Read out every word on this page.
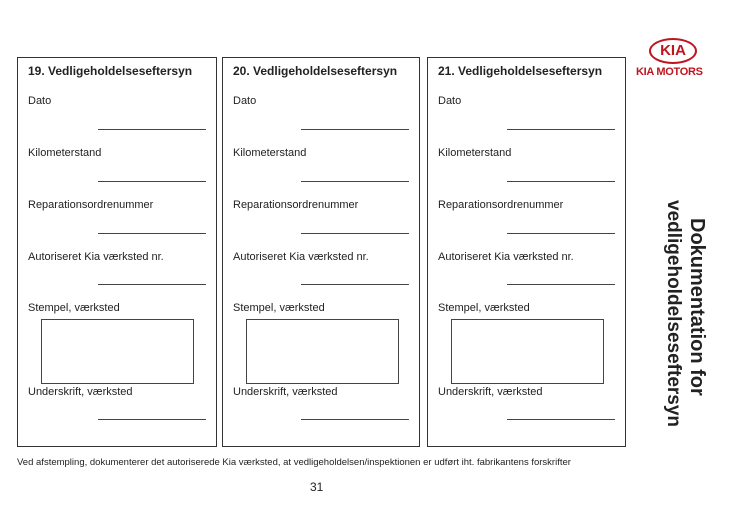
19. Vedligeholdelseseftersyn
Dato
Kilometerstand
Reparationsordrenummer
Autoriseret Kia værksted nr.
Stempel, værksted
Underskrift, værksted
20. Vedligeholdelseseftersyn
Dato
Kilometerstand
Reparationsordrenummer
Autoriseret Kia værksted nr.
Stempel, værksted
Underskrift, værksted
21. Vedligeholdelseseftersyn
Dato
Kilometerstand
Reparationsordrenummer
Autoriseret Kia værksted nr.
Stempel, værksted
Underskrift, værksted
KIA
KIA MOTORS
Dokumentation for
vedligeholdelseseftersyn
Ved afstempling, dokumenterer det autoriserede Kia værksted, at vedligeholdelsen/inspektionen er udført iht. fabrikantens forskrifter
31
